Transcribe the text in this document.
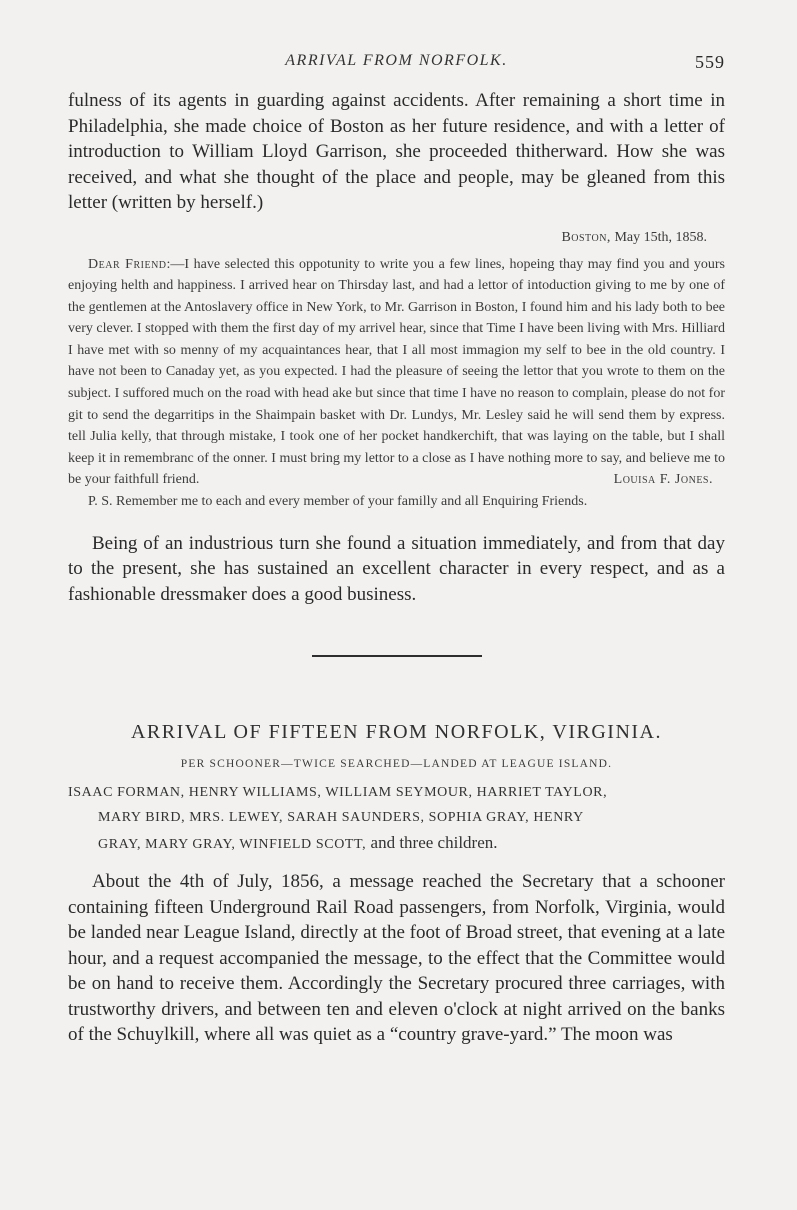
ARRIVAL FROM NORFOLK.	559

fulness of its agents in guarding against accidents. After remaining a short time in Philadelphia, she made choice of Boston as her future residence, and with a letter of introduction to William Lloyd Garrison, she proceeded thitherward. How she was received, and what she thought of the place and people, may be gleaned from this letter (written by herself.)

Boston, May 15th, 1858.

Dear Friend:—I have selected this oppotunity to write you a few lines, hopeing thay may find you and yours enjoying helth and happiness. I arrived hear on Thirsday last, and had a lettor of intoduction giving to me by one of the gentlemen at the Antoslavery office in New York, to Mr. Garrison in Boston, I found him and his lady both to bee very clever. I stopped with them the first day of my arrivel hear, since that Time I have been living with Mrs. Hilliard I have met with so menny of my acquaintances hear, that I all most immagion my self to bee in the old country. I have not been to Canaday yet, as you expected. I had the pleasure of seeing the lettor that you wrote to them on the subject. I suffored much on the road with head ake but since that time I have no reason to complain, please do not for git to send the degarritips in the Shaimpain basket with Dr. Lundys, Mr. Lesley said he will send them by express. tell Julia kelly, that through mistake, I took one of her pocket handkerchift, that was laying on the table, but I shall keep it in remembranc of the onner. I must bring my lettor to a close as I have nothing more to say, and believe me to be your faithfull friend.	Louisa F. Jones.

P. S. Remember me to each and every member of your familly and all Enquiring Friends.

Being of an industrious turn she found a situation immediately, and from that day to the present, she has sustained an excellent character in every respect, and as a fashionable dressmaker does a good business.

ARRIVAL OF FIFTEEN FROM NORFOLK, VIRGINIA.
PER SCHOONER—TWICE SEARCHED—LANDED AT LEAGUE ISLAND.
ISAAC FORMAN, HENRY WILLIAMS, WILLIAM SEYMOUR, HARRIET TAYLOR,
MARY BIRD, MRS. LEWEY, SARAH SAUNDERS, SOPHIA GRAY, HENRY
GRAY, MARY GRAY, WINFIELD SCOTT, and three children.

About the 4th of July, 1856, a message reached the Secretary that a schooner containing fifteen Underground Rail Road passengers, from Norfolk, Virginia, would be landed near League Island, directly at the foot of Broad street, that evening at a late hour, and a request accompanied the message, to the effect that the Committee would be on hand to receive them. Accordingly the Secretary procured three carriages, with trustworthy drivers, and between ten and eleven o'clock at night arrived on the banks of the Schuylkill, where all was quiet as a “country grave-yard.” The moon was
